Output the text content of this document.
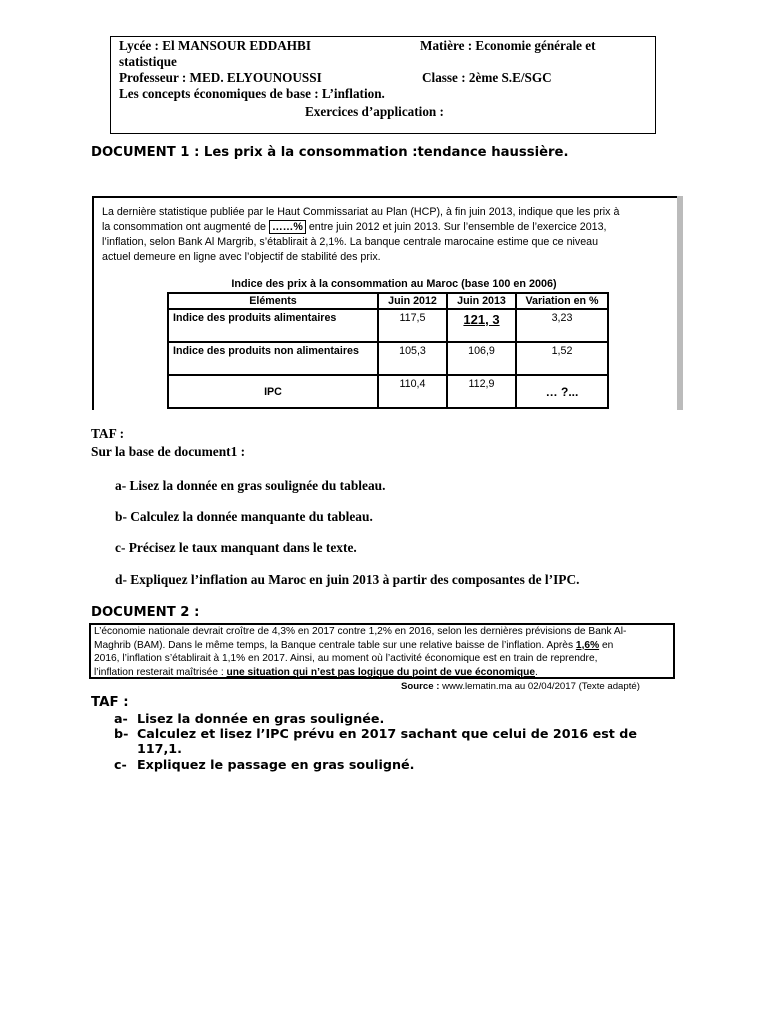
Lycée : El MANSOUR EDDAHBI	Matière : Economie générale et
statistique
Professeur : MED. ELYOUNOUSSI	Classe : 2ème S.E/SGC
Les concepts économiques de base : L’inflation.
Exercices d’application :
DOCUMENT 1 : Les prix à la consommation :tendance haussière.
La dernière statistique publiée par le Haut Commissariat au Plan (HCP), à fin juin 2013, indique que les prix à
la consommation ont augmenté de ……% entre juin 2012 et juin 2013. Sur l’ensemble de l’exercice 2013,
l’inflation, selon Bank Al Margrib, s’établirait à 2,1%. La banque centrale marocaine estime que ce niveau
actuel demeure en ligne avec l’objectif de stabilité des prix.
Indice des prix à la consommation au Maroc (base 100 en 2006)
Eléments	Juin 2012	Juin 2013	Variation en %
Indice des produits alimentaires	117,5	121, 3	3,23
Indice des produits non alimentaires	105,3	106,9	1,52
IPC	110,4	112,9	… ?...
TAF :
Sur la base de document1 :
a- Lisez la donnée en gras soulignée du tableau.
b- Calculez la donnée manquante du tableau.
c- Précisez le taux manquant dans le texte.
d- Expliquez l’inflation au Maroc en juin 2013 à partir des composantes de l’IPC.
DOCUMENT 2 :
L’économie nationale devrait croître de 4,3% en 2017 contre 1,2% en 2016, selon les dernières prévisions de Bank Al-
Maghrib (BAM). Dans le même temps, la Banque centrale table sur une relative baisse de l’inflation. Après 1,6% en
2016, l’inflation s’établirait à 1,1% en 2017. Ainsi, au moment où l’activité économique est en train de reprendre,
l’inflation resterait maîtrisée : une situation qui n’est pas logique du point de vue économique.
Source : www.lematin.ma au 02/04/2017 (Texte adapté)
TAF :
a- Lisez la donnée en gras soulignée.
b- Calculez et lisez l’IPC prévu en 2017 sachant que celui de 2016 est de
117,1.
c- Expliquez le passage en gras souligné.
